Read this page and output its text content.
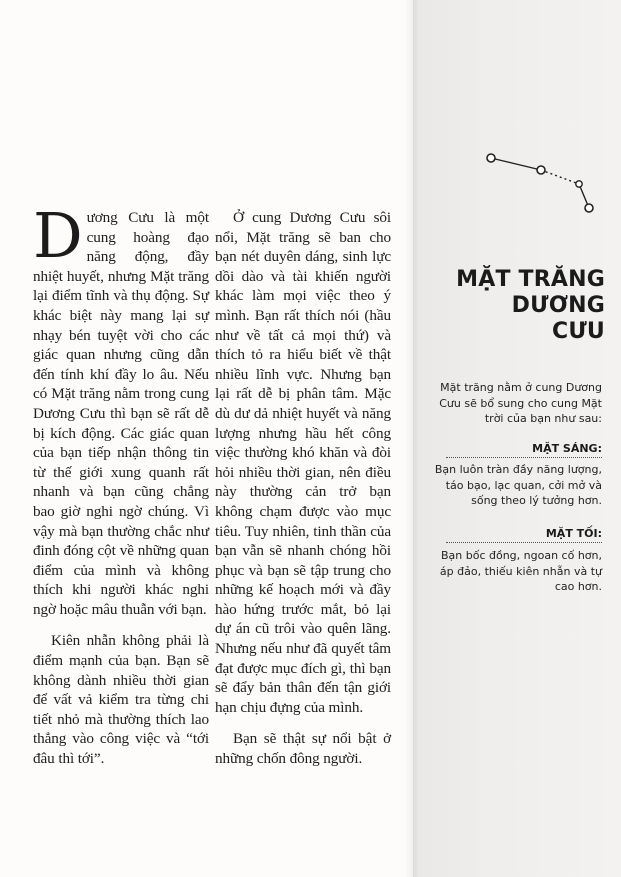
Dương Cưu là một cung hoàng đạo năng động, đầy nhiệt huyết, nhưng Mặt trăng lại điểm tĩnh và thụ động. Sự khác biệt này mang lại sự nhạy bén tuyệt vời cho các giác quan nhưng cũng dẫn đến tính khí đầy lo âu. Nếu có Mặt trăng nằm trong cung Dương Cưu thì bạn sẽ rất dễ bị kích động. Các giác quan của bạn tiếp nhận thông tin từ thế giới xung quanh rất nhanh và bạn cũng chẳng bao giờ nghi ngờ chúng. Vì vậy mà bạn thường chắc như đinh đóng cột về những quan điểm của mình và không thích khi người khác nghi ngờ hoặc mâu thuẫn với bạn.

Kiên nhẫn không phải là điểm mạnh của bạn. Bạn sẽ không dành nhiều thời gian để vất vả kiểm tra từng chi tiết nhỏ mà thường thích lao thẳng vào công việc và “tới đâu thì tới”.

Ở cung Dương Cưu sôi nổi, Mặt trăng sẽ ban cho bạn nét duyên dáng, sinh lực dồi dào và tài khiến người khác làm mọi việc theo ý mình. Bạn rất thích nói (hầu như về tất cả mọi thứ) và thích tỏ ra hiểu biết về thật nhiều lĩnh vực. Nhưng bạn lại rất dễ bị phân tâm. Mặc dù dư dả nhiệt huyết và năng lượng nhưng hầu hết công việc thường khó khăn và đòi hỏi nhiều thời gian, nên điều này thường cản trở bạn không chạm được vào mục tiêu. Tuy nhiên, tinh thần của bạn vẫn sẽ nhanh chóng hồi phục và bạn sẽ tập trung cho những kế hoạch mới và đầy hào hứng trước mắt, bỏ lại dự án cũ trôi vào quên lãng. Nhưng nếu như đã quyết tâm đạt được mục đích gì, thì bạn sẽ đẩy bản thân đến tận giới hạn chịu đựng của mình.

Bạn sẽ thật sự nổi bật ở những chốn đông người.

MẶT TRĂNG
DƯƠNG CƯU
Mặt trăng nằm ở cung Dương Cưu sẽ bổ sung cho cung Mặt trời của bạn như sau:
MẶT SÁNG:
Bạn luôn tràn đầy năng lượng, táo bạo, lạc quan, cởi mở và sống theo lý tưởng hơn.
MẶT TỐI:
Bạn bốc đồng, ngoan cố hơn, áp đảo, thiếu kiên nhẫn và tự cao hơn.
